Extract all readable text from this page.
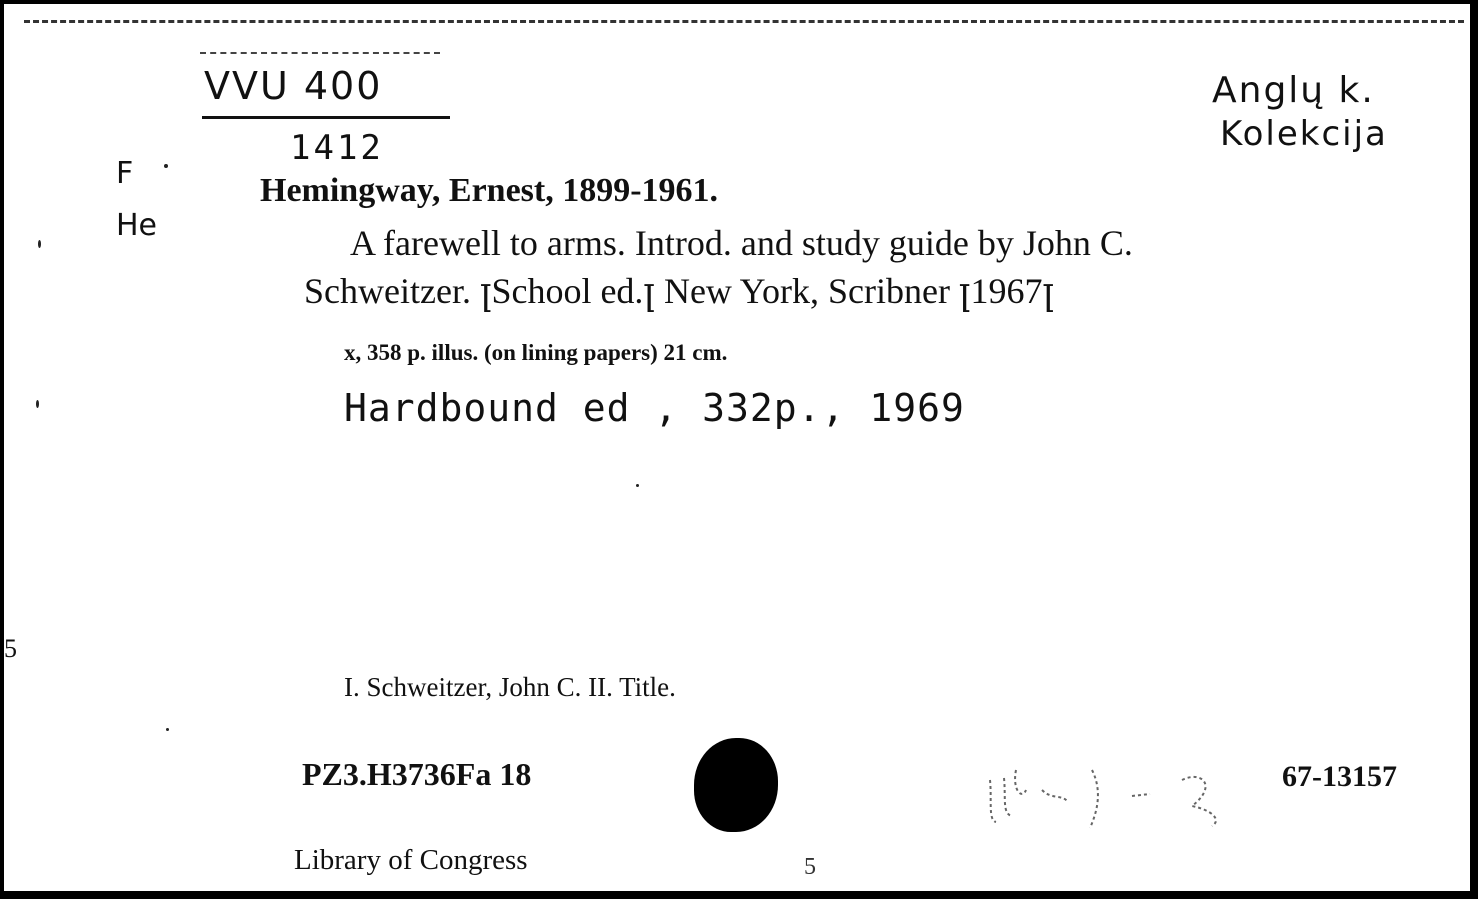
VVU 400
1412
Anglų k.
Kolekcija
F
He
Hemingway, Ernest, 1899-1961.
A farewell to arms. Introd. and study guide by John C.
Schweitzer. ꞁSchool ed.ꞁ New York, Scribner ꞁ1967ꞁ
x, 358 p. illus. (on lining papers) 21 cm.
Hardbound ed , 332p., 1969
I. Schweitzer, John C. II. Title.
PZ3.H3736Fa 18	67-13157
Library of Congress	5
5
